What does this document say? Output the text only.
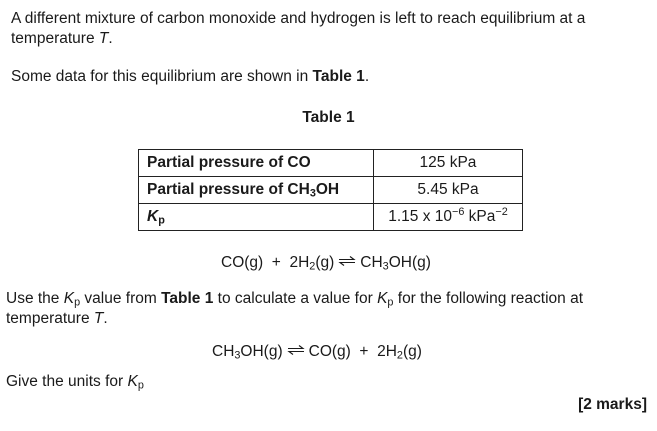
A different mixture of carbon monoxide and hydrogen is left to reach equilibrium at a
temperature T.
Some data for this equilibrium are shown in Table 1.
Table 1
Partial pressure of CO	125 kPa
Partial pressure of $CH_3OH$	5.45 kPa
$K_p$	1.15 x $10^{-6}$ kPa$^{-2}$
$CO(g) + 2H_2(g)$ ⇌ $CH_3OH(g)$
Use the $K_p$ value from Table 1 to calculate a value for $K_p$ for the following reaction at
temperature T.
$CH_3OH(g)$ ⇌ $CO(g) + 2H_2(g)$
Give the units for $K_p$
[2 marks]
